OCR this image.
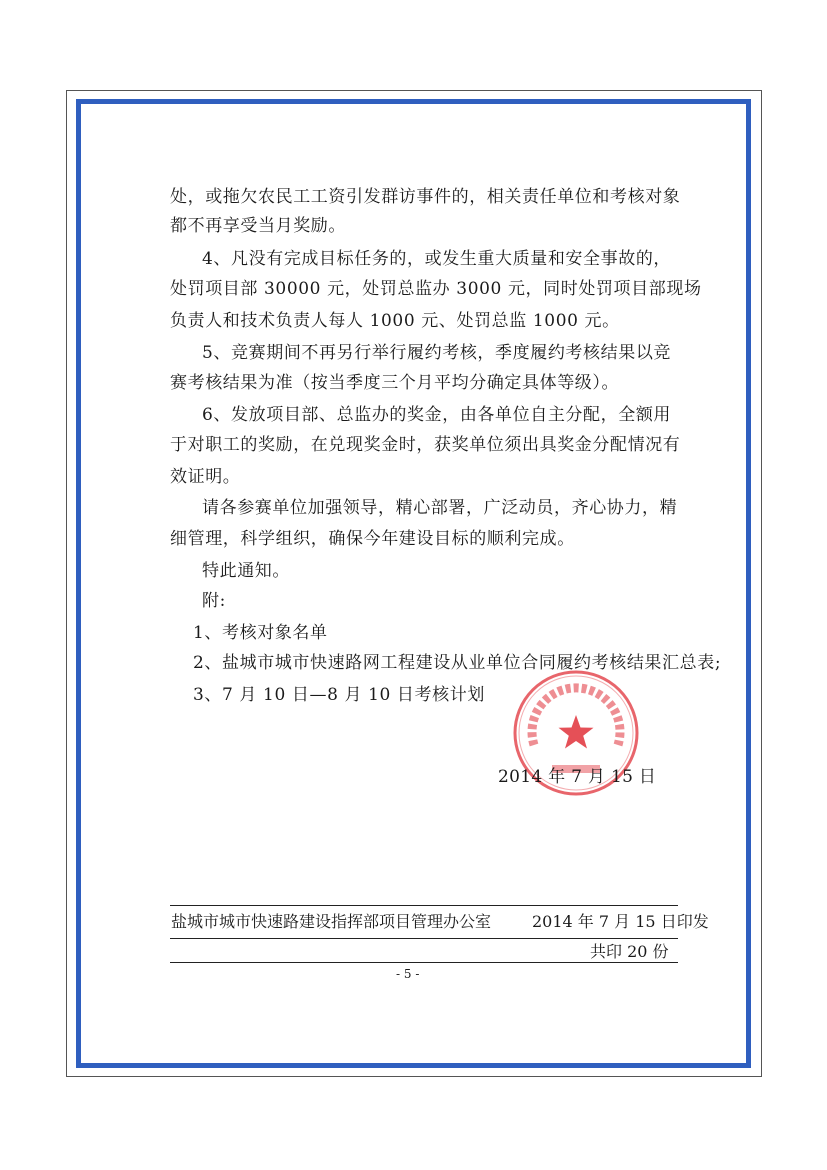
处，或拖欠农民工工资引发群访事件的，相关责任单位和考核对象
都不再享受当月奖励。
4、凡没有完成目标任务的，或发生重大质量和安全事故的，
处罚项目部 30000 元，处罚总监办 3000 元，同时处罚项目部现场
负责人和技术负责人每人 1000 元、处罚总监 1000 元。
5、竞赛期间不再另行举行履约考核，季度履约考核结果以竞
赛考核结果为准（按当季度三个月平均分确定具体等级）。
6、发放项目部、总监办的奖金，由各单位自主分配，全额用
于对职工的奖励，在兑现奖金时，获奖单位须出具奖金分配情况有
效证明。
请各参赛单位加强领导，精心部署，广泛动员，齐心协力，精
细管理，科学组织，确保今年建设目标的顺利完成。
特此通知。
附:
1、考核对象名单
2、盐城市城市快速路网工程建设从业单位合同履约考核结果汇总表;
3、7 月 10 日—8 月 10 日考核计划
2014 年 7 月 15 日
盐城市城市快速路建设指挥部项目管理办公室	2014 年 7 月 15 日印发
共印 20 份
- 5 -
